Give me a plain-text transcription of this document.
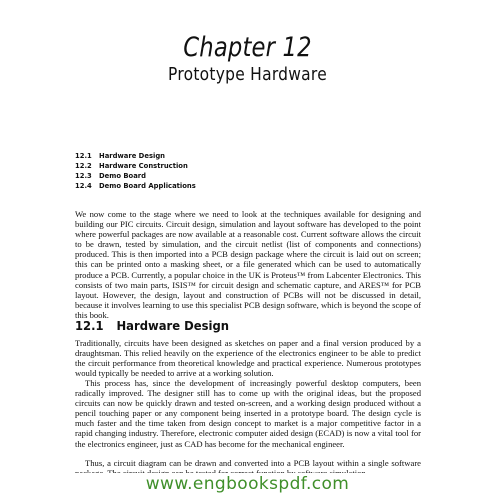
Chapter 12
Prototype Hardware
12.1	Hardware Design
12.2	Hardware Construction
12.3	Demo Board
12.4	Demo Board Applications

We now come to the stage where we need to look at the techniques available for designing and building our PIC circuits. Circuit design, simulation and layout software has developed to the point where powerful packages are now available at a reasonable cost. Current software allows the circuit to be drawn, tested by simulation, and the circuit netlist (list of components and connections) produced. This is then imported into a PCB design package where the circuit is laid out on screen; this can be printed onto a masking sheet, or a file generated which can be used to automatically produce a PCB. Currently, a popular choice in the UK is Proteus™ from Labcenter Electronics. This consists of two main parts, ISIS™ for circuit design and schematic capture, and ARES™ for PCB layout. However, the design, layout and construction of PCBs will not be discussed in detail, because it involves learning to use this specialist PCB design software, which is beyond the scope of this book.

12.1 Hardware Design

Traditionally, circuits have been designed as sketches on paper and a final version produced by a draughtsman. This relied heavily on the experience of the electronics engineer to be able to predict the circuit performance from theoretical knowledge and practical experience. Numerous prototypes would typically be needed to arrive at a working solution.

This process has, since the development of increasingly powerful desktop computers, been radically improved. The designer still has to come up with the original ideas, but the proposed circuits can now be quickly drawn and tested on-screen, and a working design produced without a pencil touching paper or any component being inserted in a prototype board. The design cycle is much faster and the time taken from design concept to market is a major competitive factor in a rapid changing industry. Therefore, electronic computer aided design (ECAD) is now a vital tool for the electronics engineer, just as CAD has become for the mechanical engineer.

Thus, a circuit diagram can be drawn and converted into a PCB layout within a single software

www.engbookspdf.com
